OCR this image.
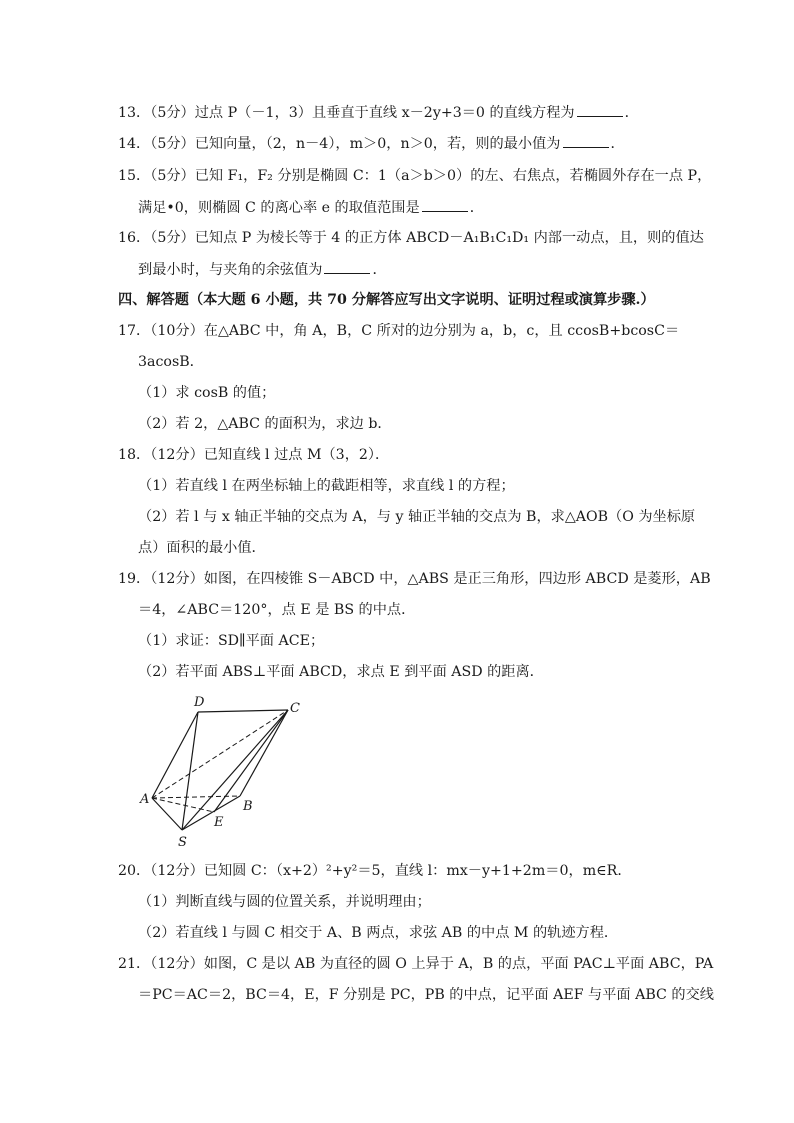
13．（5分）过点 P（－1，3）且垂直于直线 x－2y+3＝0 的直线方程为	．
14．（5分）已知向量，（2，n－4），m＞0，n＞0，若，则的最小值为	．
15．（5分）已知 F₁，F₂ 分别是椭圆 C：1（a＞b＞0）的左、右焦点，若椭圆外存在一点 P，
满足•0，则椭圆 C 的离心率 e 的取值范围是	．
16．（5分）已知点 P 为棱长等于 4 的正方体 ABCD－A₁B₁C₁D₁ 内部一动点，且，则的值达
到最小时，与夹角的余弦值为	．
四、解答题（本大题 6 小题，共 70 分解答应写出文字说明、证明过程或演算步骤.）
17．（10分）在△ABC 中，角 A，B，C 所对的边分别为 a，b，c，且 ccosB+bcosC＝
3acosB．
（1）求 cosB 的值；
（2）若 2，△ABC 的面积为，求边 b．
18．（12分）已知直线 l 过点 M（3，2）．
（1）若直线 l 在两坐标轴上的截距相等，求直线 l 的方程；
（2）若 l 与 x 轴正半轴的交点为 A，与 y 轴正半轴的交点为 B，求△AOB（O 为坐标原
点）面积的最小值．
19．（12分）如图，在四棱锥 S－ABCD 中，△ABS 是正三角形，四边形 ABCD 是菱形，AB
＝4，∠ABC＝120°，点 E 是 BS 的中点．
（1）求证：SD∥平面 ACE；
（2）若平面 ABS⊥平面 ABCD，求点 E 到平面 ASD 的距离．
D	C
A	B
E
S
20．（12分）已知圆 C：（x+2）²+y²＝5，直线 l：mx－y+1+2m＝0，m∈R．
（1）判断直线与圆的位置关系，并说明理由；
（2）若直线 l 与圆 C 相交于 A、B 两点，求弦 AB 的中点 M 的轨迹方程．
21．（12分）如图，C 是以 AB 为直径的圆 O 上异于 A，B 的点，平面 PAC⊥平面 ABC，PA
＝PC＝AC＝2，BC＝4，E，F 分别是 PC，PB 的中点，记平面 AEF 与平面 ABC 的交线
